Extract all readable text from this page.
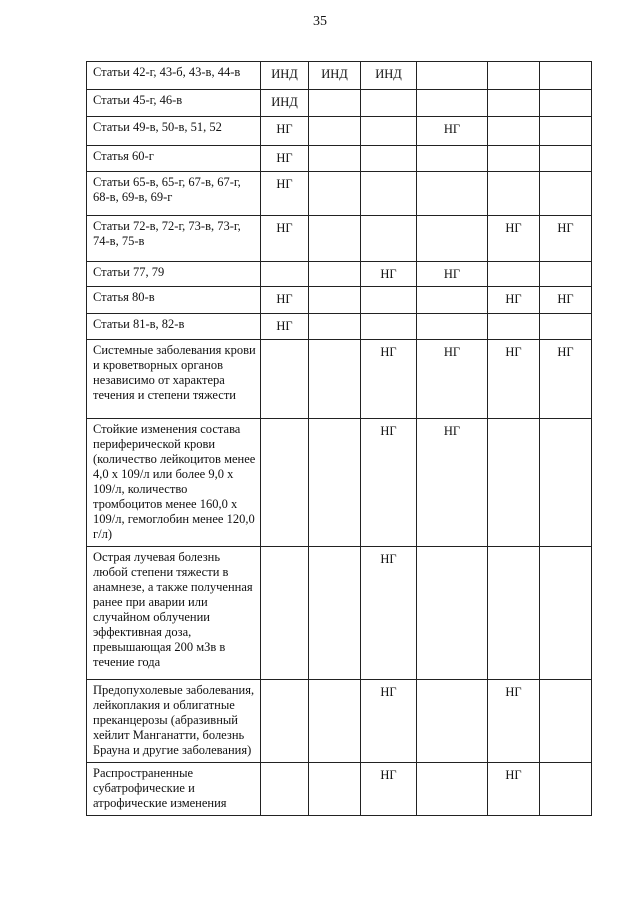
35
Статьи 42-г, 43-б, 43-в, 44-в	ИНД	ИНД	ИНД			
Статьи 45-г, 46-в	ИНД					
Статьи 49-в, 50-в, 51, 52	НГ			НГ		
Статья 60-г	НГ					
Статьи 65-в, 65-г, 67-в, 67-г, 68-в, 69-в, 69-г	НГ					
Статьи 72-в, 72-г, 73-в, 73-г, 74-в, 75-в	НГ				НГ	НГ
Статьи 77, 79			НГ	НГ		
Статья 80-в	НГ				НГ	НГ
Статьи 81-в, 82-в	НГ					
Системные заболевания крови и кроветворных органов независимо от характера течения и степени тяжести			НГ	НГ	НГ	НГ
Стойкие изменения состава периферической крови (количество лейкоцитов менее 4,0 х 109/л или более 9,0 х 109/л, количество тромбоцитов менее 160,0 х 109/л, гемоглобин менее 120,0 г/л)			НГ	НГ		
Острая лучевая болезнь любой степени тяжести в анамнезе, а также полученная ранее при аварии или случайном облучении эффективная доза, превышающая 200 мЗв в течение года			НГ			
Предопухолевые заболевания, лейкоплакия и облигатные преканцерозы (абразивный хейлит Манганатти, болезнь Брауна и другие заболевания)			НГ		НГ	
Распространенные субатрофические и атрофические изменения			НГ		НГ	
